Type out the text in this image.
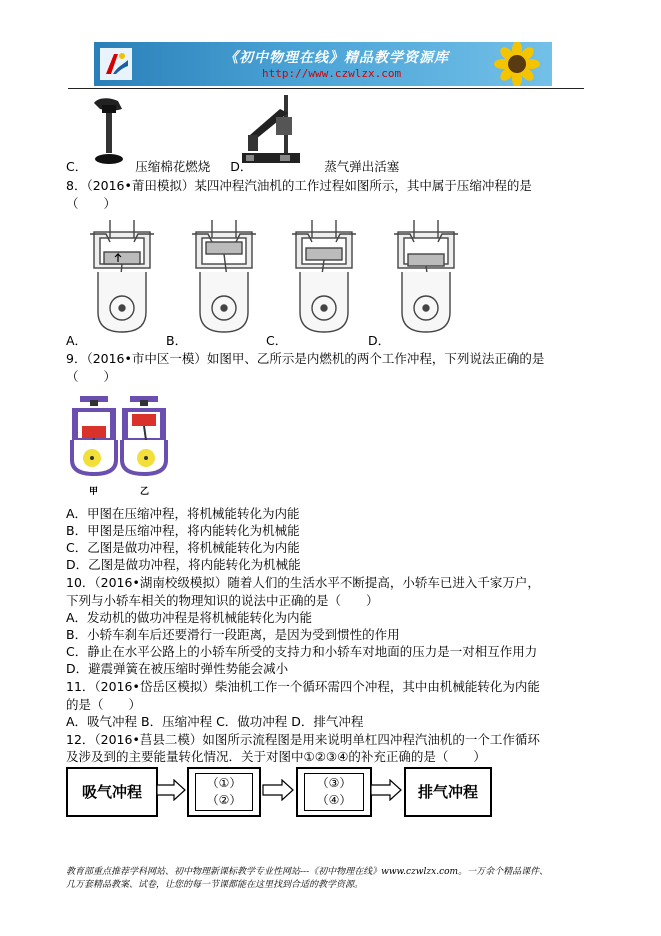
《初中物理在线》精品教学资源库
http://www.czwlzx.com
C．	压缩棉花燃烧 D．	蒸气弹出活塞
8．（2016•莆田模拟）某四冲程汽油机的工作过程如图所示，其中属于压缩冲程的是
（　　）
A．	B．	C．	D．
9．（2016•市中区一模）如图甲、乙所示是内燃机的两个工作冲程，下列说法正确的是
（　　）
甲	乙
A．甲图在压缩冲程，将机械能转化为内能
B．甲图是压缩冲程，将内能转化为机械能
C．乙图是做功冲程，将机械能转化为内能
D．乙图是做功冲程，将内能转化为机械能
10．（2016•湖南校级模拟）随着人们的生活水平不断提高，小轿车已进入千家万户，
下列与小轿车相关的物理知识的说法中正确的是（　　）
A．发动机的做功冲程是将机械能转化为内能
B．小轿车刹车后还要滑行一段距离，是因为受到惯性的作用
C．静止在水平公路上的小轿车所受的支持力和小轿车对地面的压力是一对相互作用力
D．避震弹簧在被压缩时弹性势能会减小
11．（2016•岱岳区模拟）柴油机工作一个循环需四个冲程，其中由机械能转化为内能
的是（　　）
A．吸气冲程 B．压缩冲程 C．做功冲程 D．排气冲程
12．（2016•莒县二模）如图所示流程图是用来说明单杠四冲程汽油机的一个工作循环
及涉及到的主要能量转化情况．关于对图中①②③④的补充正确的是（　　）
吸气冲程	（①）
（②）
（③）
（④）	排气冲程
教育部重点推荐学科网站、初中物理新课标教学专业性网站---《初中物理在线》www.czwlzx.com。一万余个精品课件、
几万套精品教案、试卷，让您的每一节课都能在这里找到合适的教学资源。
